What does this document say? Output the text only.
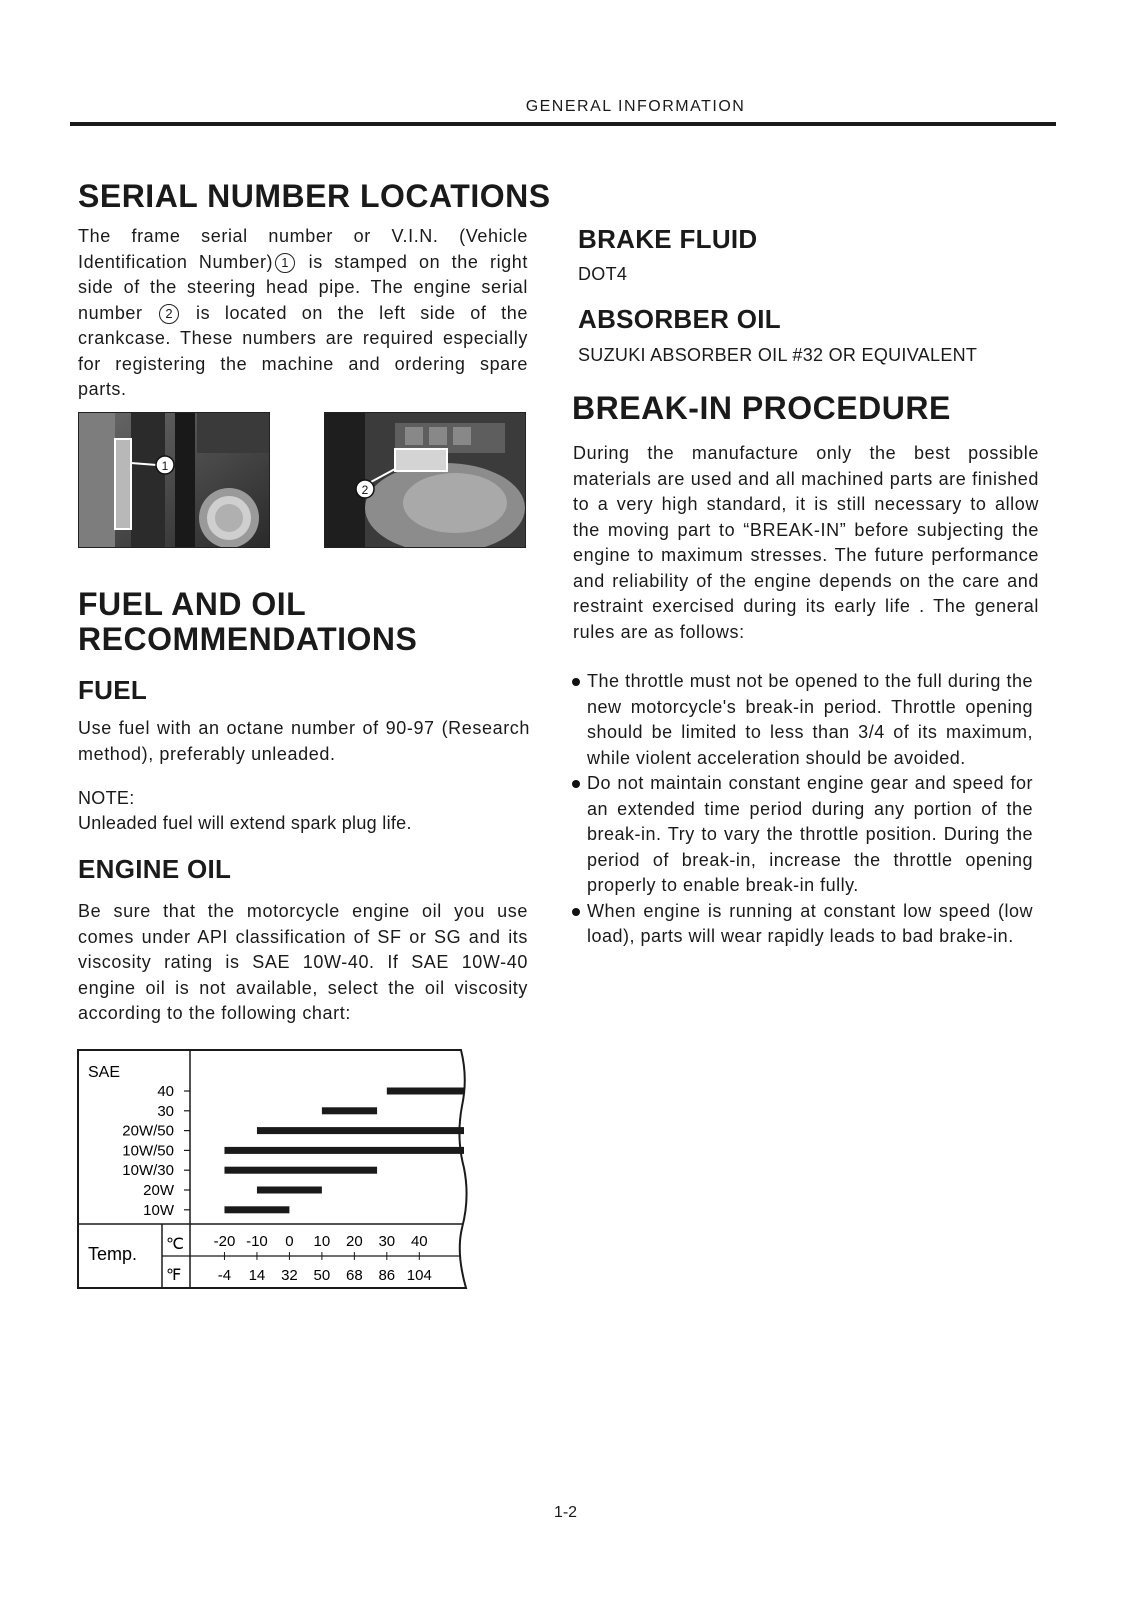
GENERAL INFORMATION
SERIAL NUMBER LOCATIONS

The frame serial number or V.I.N. (Vehicle Identification Number) 1 is stamped on the right side of the steering head pipe. The engine serial number 2 is located on the left side of the crankcase. These numbers are required especially for registering the machine and ordering spare parts.

1
2
FUEL AND OIL
RECOMMENDATIONS
FUEL

Use fuel with an octane number of 90-97 (Research method), preferably unleaded.

NOTE:

Unleaded fuel will extend spark plug life.

ENGINE OIL

Be sure that the motorcycle engine oil you use comes under API classification of SF or SG and its viscosity rating is SAE 10W-40. If SAE 10W-40 engine oil is not available, select the oil viscosity according to the following chart:

SAE
Temp. ℃
℉
40
30
20W/50
10W/50
10W/30
20W
10W
-20
-4
-10
14
0
32
10
50
20
68
30
86
40
104
BRAKE FLUID

DOT4

ABSORBER OIL

SUZUKI ABSORBER OIL #32 OR EQUIVALENT

BREAK-IN PROCEDURE

During the manufacture only the best possible materials are used and all machined parts are finished to a very high standard, it is still necessary to allow the moving part to “BREAK-IN” before subjecting the engine to maximum stresses. The future performance and reliability of the engine depends on the care and restraint exercised during its early life . The general rules are as follows:

The throttle must not be opened to the full during the new motorcycle's break-in period. Throttle opening should be limited to less than 3/4 of its maximum, while violent acceleration should be avoided.
Do not maintain constant engine gear and speed for an extended time period during any portion of the break-in. Try to vary the throttle position. During the period of break-in, increase the throttle opening properly to enable break-in fully.
When engine is running at constant low speed (low load), parts will wear rapidly leads to bad brake-in.
1-2
